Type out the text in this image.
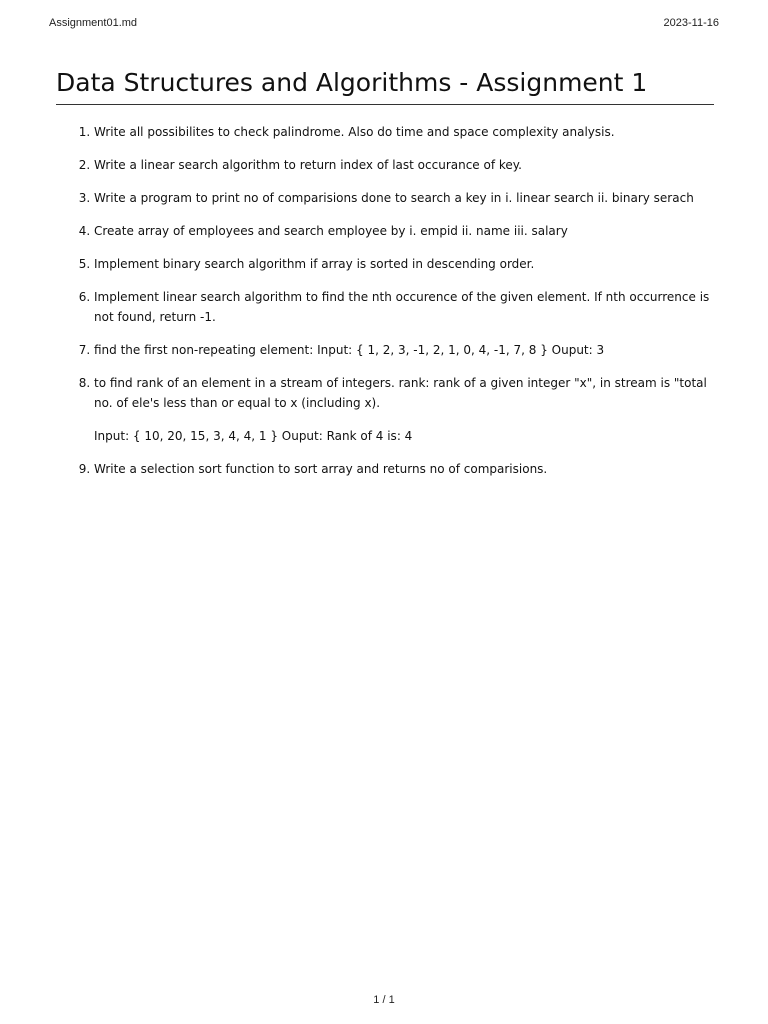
Assignment01.md	2023-11-16
Data Structures and Algorithms - Assignment 1

1. Write all possibilites to check palindrome. Also do time and space complexity analysis.

2. Write a linear search algorithm to return index of last occurance of key.

3. Write a program to print no of comparisions done to search a key in i. linear search ii. binary serach

4. Create array of employees and search employee by i. empid ii. name iii. salary

5. Implement binary search algorithm if array is sorted in descending order.

6. Implement linear search algorithm to find the nth occurence of the given element. If nth occurrence is not found, return -1.

7. find the first non-repeating element: Input: { 1, 2, 3, -1, 2, 1, 0, 4, -1, 7, 8 } Ouput: 3

8. to find rank of an element in a stream of integers. rank: rank of a given integer "x", in stream is "total no. of ele's less than or equal to x (including x).

Input: { 10, 20, 15, 3, 4, 4, 1 } Ouput: Rank of 4 is: 4

9. Write a selection sort function to sort array and returns no of comparisions.

1 / 1
